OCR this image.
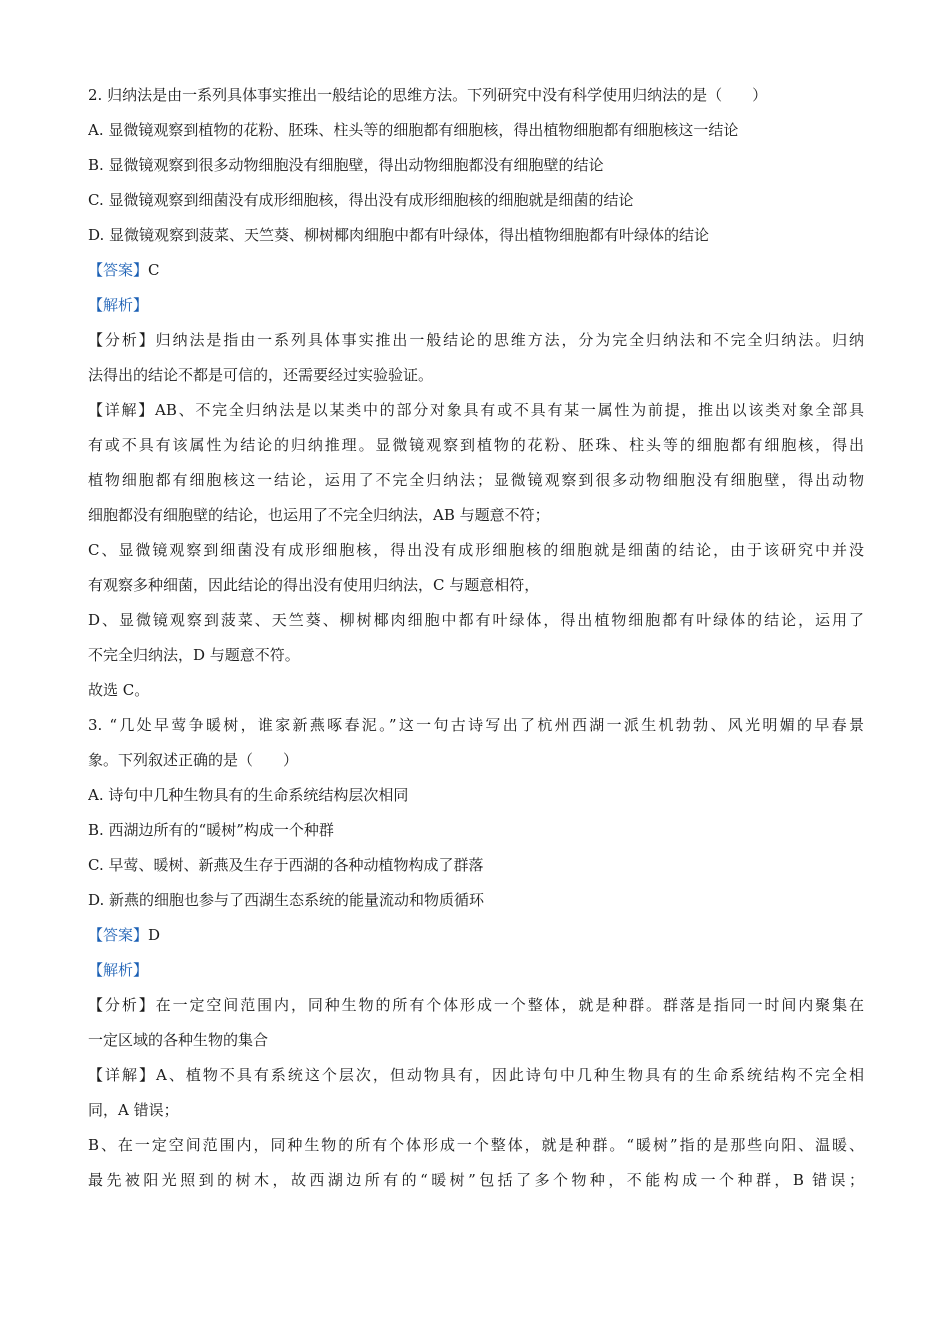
2. 归纳法是由一系列具体事实推出一般结论的思维方法。下列研究中没有科学使用归纳法的是（　　）
A. 显微镜观察到植物的花粉、胚珠、柱头等的细胞都有细胞核，得出植物细胞都有细胞核这一结论
B. 显微镜观察到很多动物细胞没有细胞壁，得出动物细胞都没有细胞壁的结论
C. 显微镜观察到细菌没有成形细胞核，得出没有成形细胞核的细胞就是细菌的结论
D. 显微镜观察到菠菜、天竺葵、柳树椰肉细胞中都有叶绿体，得出植物细胞都有叶绿体的结论
【答案】C
【解析】
【分析】归纳法是指由一系列具体事实推出一般结论的思维方法，分为完全归纳法和不完全归纳法。归纳
法得出的结论不都是可信的，还需要经过实验验证。
【详解】AB、不完全归纳法是以某类中的部分对象具有或不具有某一属性为前提，推出以该类对象全部具
有或不具有该属性为结论的归纳推理。显微镜观察到植物的花粉、胚珠、柱头等的细胞都有细胞核，得出
植物细胞都有细胞核这一结论，运用了不完全归纳法；显微镜观察到很多动物细胞没有细胞壁，得出动物
细胞都没有细胞壁的结论，也运用了不完全归纳法，AB 与题意不符；
C、显微镜观察到细菌没有成形细胞核，得出没有成形细胞核的细胞就是细菌的结论，由于该研究中并没
有观察多种细菌，因此结论的得出没有使用归纳法，C 与题意相符，
D、显微镜观察到菠菜、天竺葵、柳树椰肉细胞中都有叶绿体，得出植物细胞都有叶绿体的结论，运用了
不完全归纳法，D 与题意不符。
故选 C。
3. “几处早莺争暖树，谁家新燕啄春泥。”这一句古诗写出了杭州西湖一派生机勃勃、风光明媚的早春景
象。下列叙述正确的是（　　）
A. 诗句中几种生物具有的生命系统结构层次相同
B. 西湖边所有的“暖树”构成一个种群
C. 早莺、暖树、新燕及生存于西湖的各种动植物构成了群落
D. 新燕的细胞也参与了西湖生态系统的能量流动和物质循环
【答案】D
【解析】
【分析】在一定空间范围内，同种生物的所有个体形成一个整体，就是种群。群落是指同一时间内聚集在
一定区域的各种生物的集合
【详解】A、植物不具有系统这个层次，但动物具有，因此诗句中几种生物具有的生命系统结构不完全相
同，A 错误；
B、在一定空间范围内，同种生物的所有个体形成一个整体，就是种群。“暖树”指的是那些向阳、温暖、
最先被阳光照到的树木，故西湖边所有的“暖树”包括了多个物种，不能构成一个种群，B 错误；
